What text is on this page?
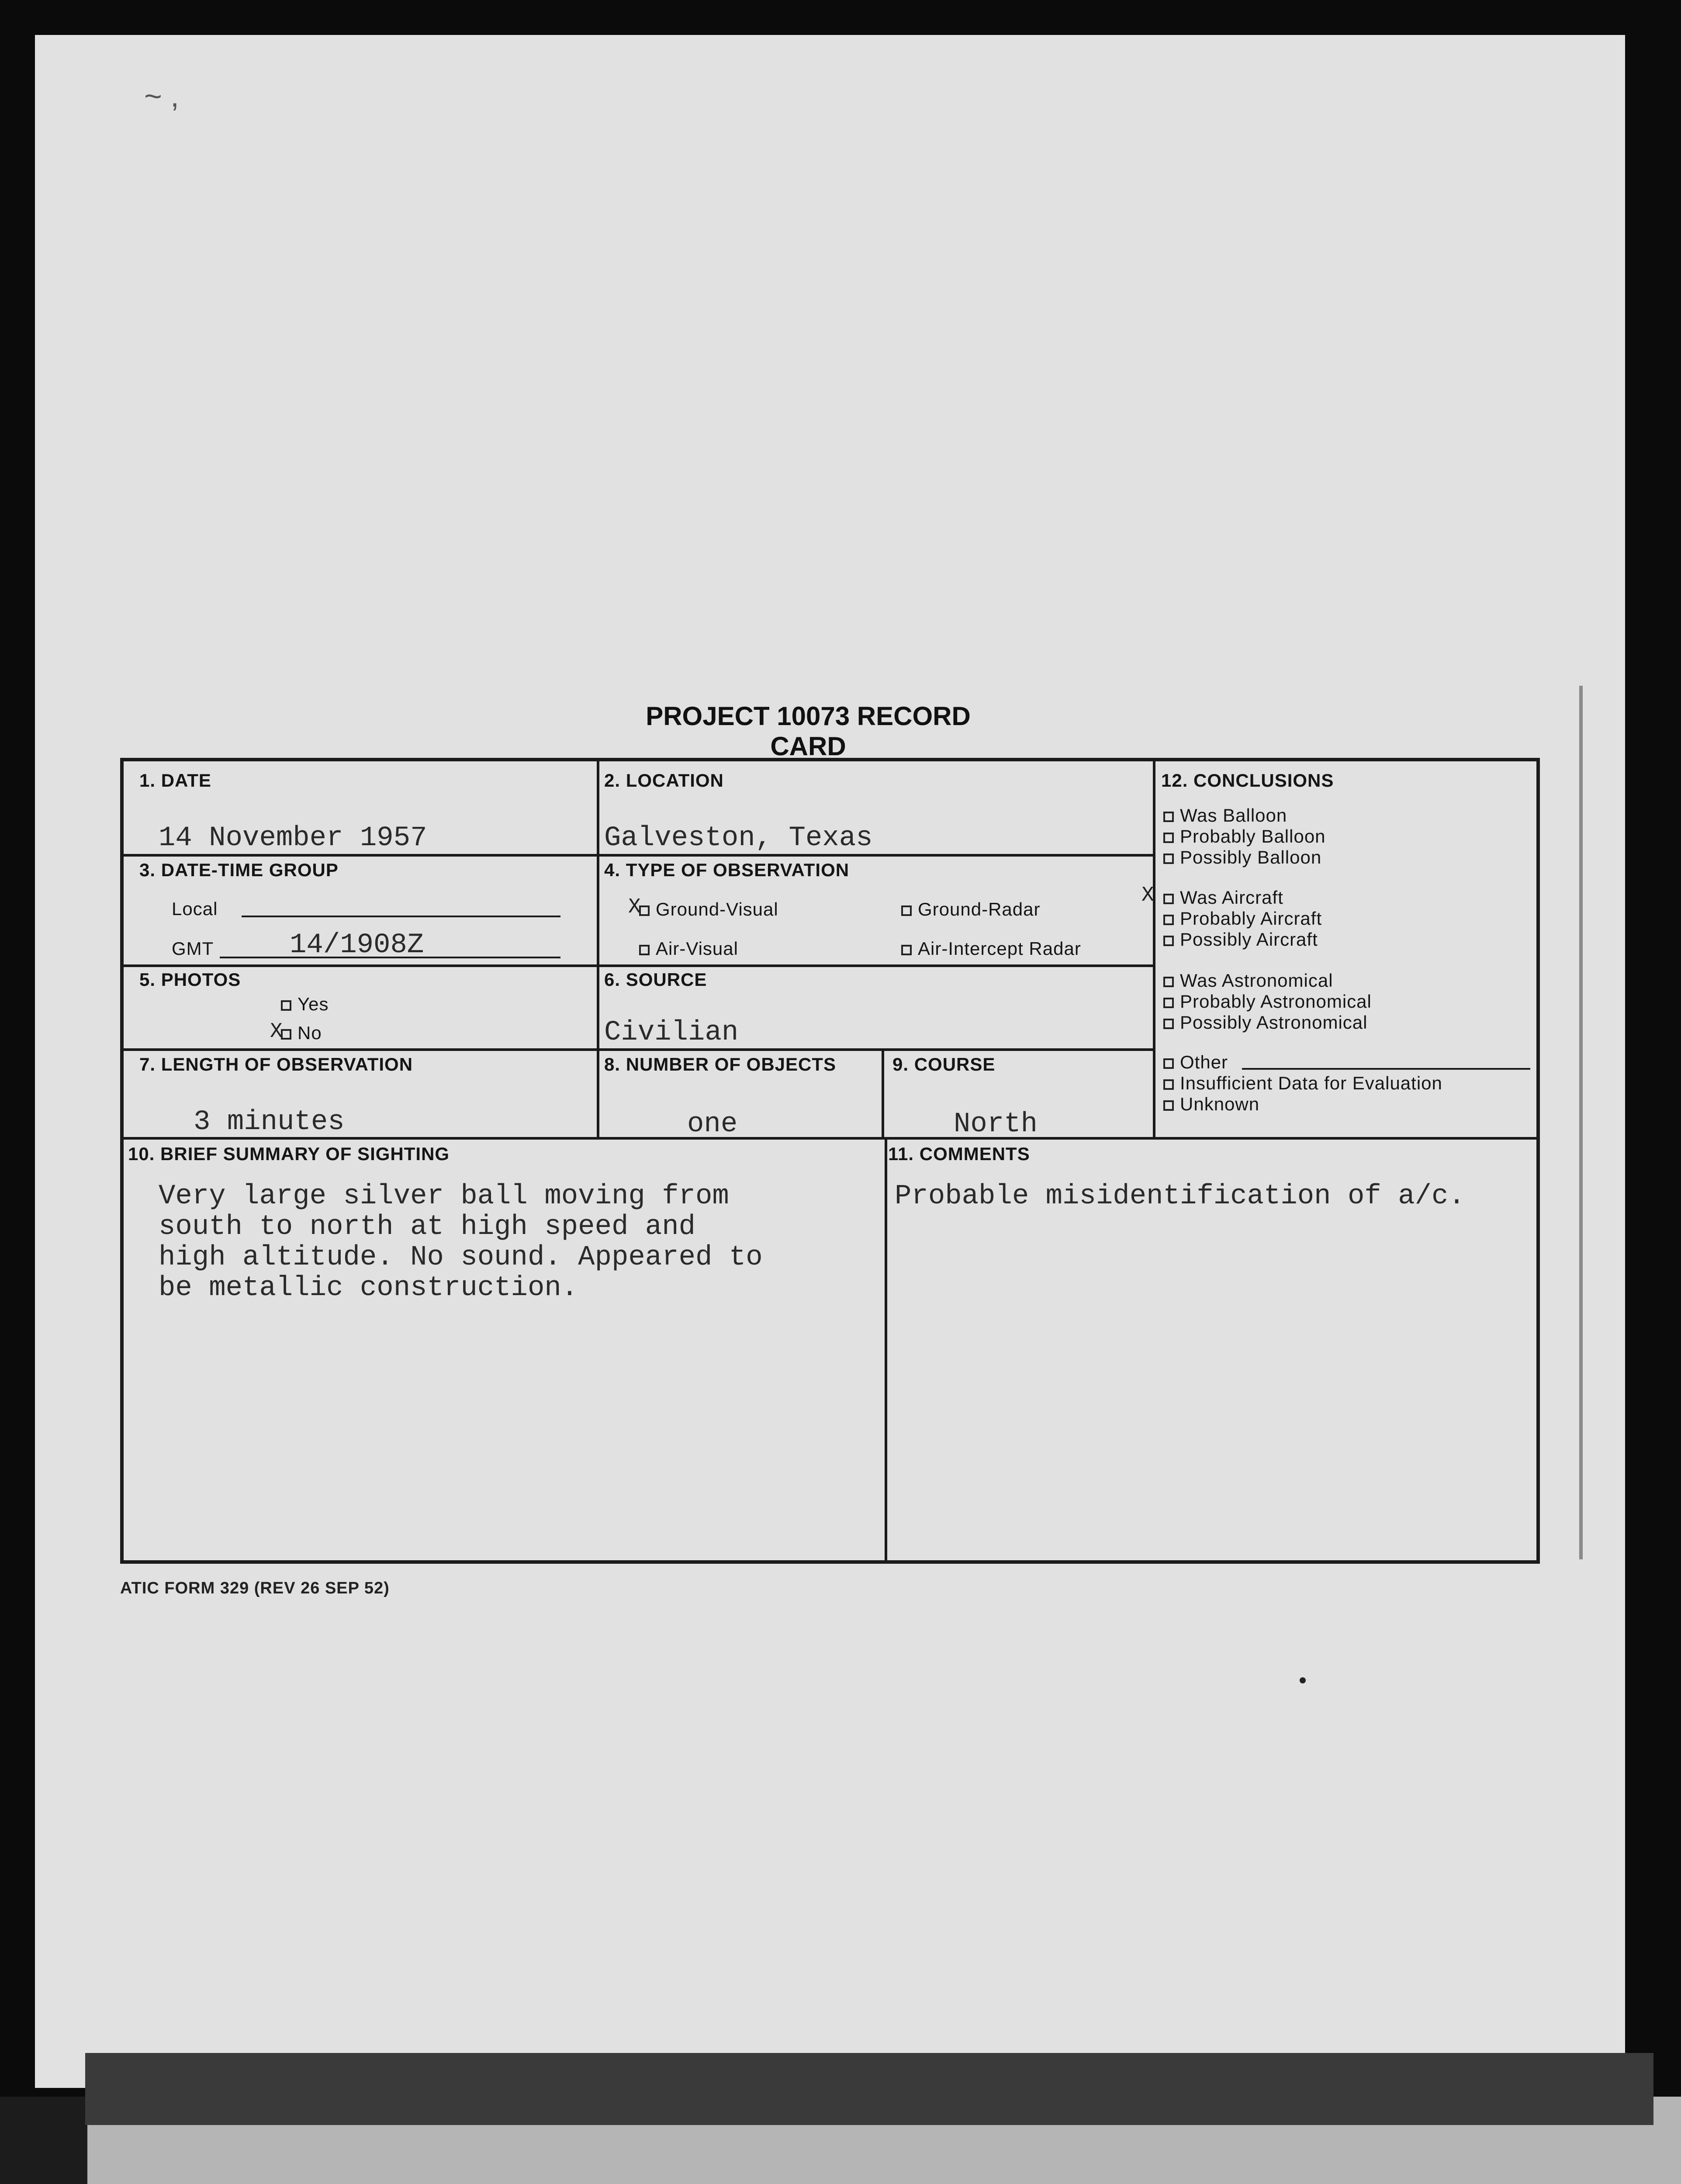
~ ,
PROJECT 10073 RECORD CARD
1. DATE
14 November 1957
2. LOCATION
Galveston, Texas
3. DATE-TIME GROUP
Local
GMT	14/1908Z
4. TYPE OF OBSERVATION
X Ground-Visual	Ground-Radar
Air-Visual	Air-Intercept Radar
5. PHOTOS
Yes
X No
6. SOURCE
Civilian
7. LENGTH OF OBSERVATION
3 minutes
8. NUMBER OF OBJECTS
one
9. COURSE
North
12. CONCLUSIONS
Was Balloon
Probably Balloon
Possibly Balloon
X	Was Aircraft
Probably Aircraft
Possibly Aircraft
Was Astronomical
Probably Astronomical
Possibly Astronomical
Other
Insufficient Data for Evaluation
Unknown
10. BRIEF SUMMARY OF SIGHTING
Very large silver ball moving from
south to north at high speed and
high altitude. No sound. Appeared to
be metallic construction.
11. COMMENTS
Probable misidentification of a/c.
ATIC FORM 329 (REV 26 SEP 52)
